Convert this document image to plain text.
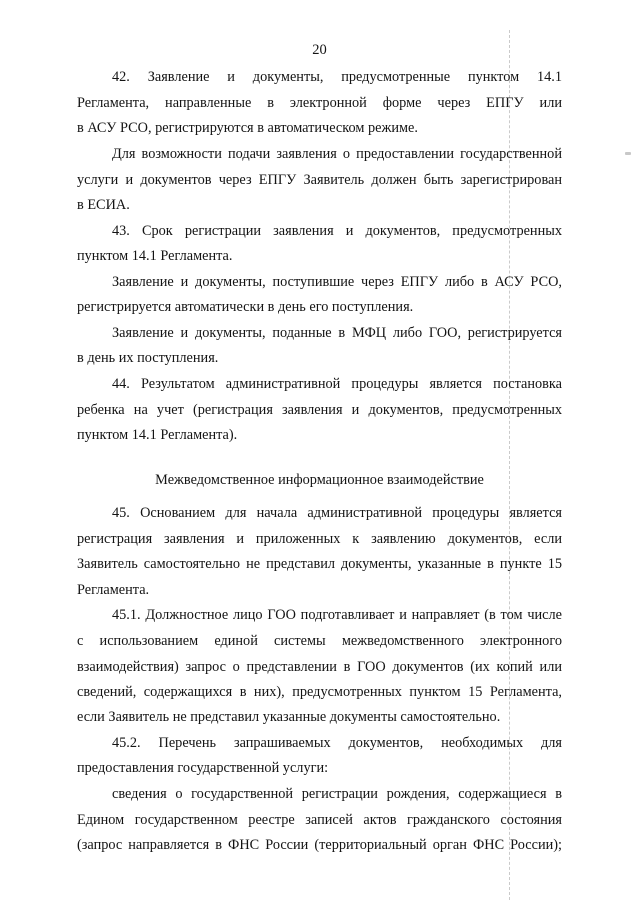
20
42. Заявление и документы, предусмотренные пунктом 14.1
Регламента, направленные в электронной форме через ЕПГУ или
в АСУ РСО, регистрируются в автоматическом режиме.
Для возможности подачи заявления о предоставлении государственной
услуги и документов через ЕПГУ Заявитель должен быть зарегистрирован
в ЕСИА.
43. Срок регистрации заявления и документов, предусмотренных
пунктом 14.1 Регламента.
Заявление и документы, поступившие через ЕПГУ либо в АСУ РСО,
регистрируется автоматически в день его поступления.
Заявление и документы, поданные в МФЦ либо ГОО, регистрируется
в день их поступления.
44. Результатом административной процедуры является постановка
ребенка на учет (регистрация заявления и документов, предусмотренных
пунктом 14.1 Регламента).
Межведомственное информационное взаимодействие
45. Основанием для начала административной процедуры является
регистрация заявления и приложенных к заявлению документов, если
Заявитель самостоятельно не представил документы, указанные в пункте 15
Регламента.
45.1. Должностное лицо ГОО подготавливает и направляет (в том числе
с использованием единой системы межведомственного электронного
взаимодействия) запрос о представлении в ГОО документов (их копий или
сведений, содержащихся в них), предусмотренных пунктом 15 Регламента,
если Заявитель не представил указанные документы самостоятельно.
45.2. Перечень запрашиваемых документов, необходимых для
предоставления государственной услуги:
сведения о государственной регистрации рождения, содержащиеся в
Едином государственном реестре записей актов гражданского состояния
(запрос направляется в ФНС России (территориальный орган ФНС России);
